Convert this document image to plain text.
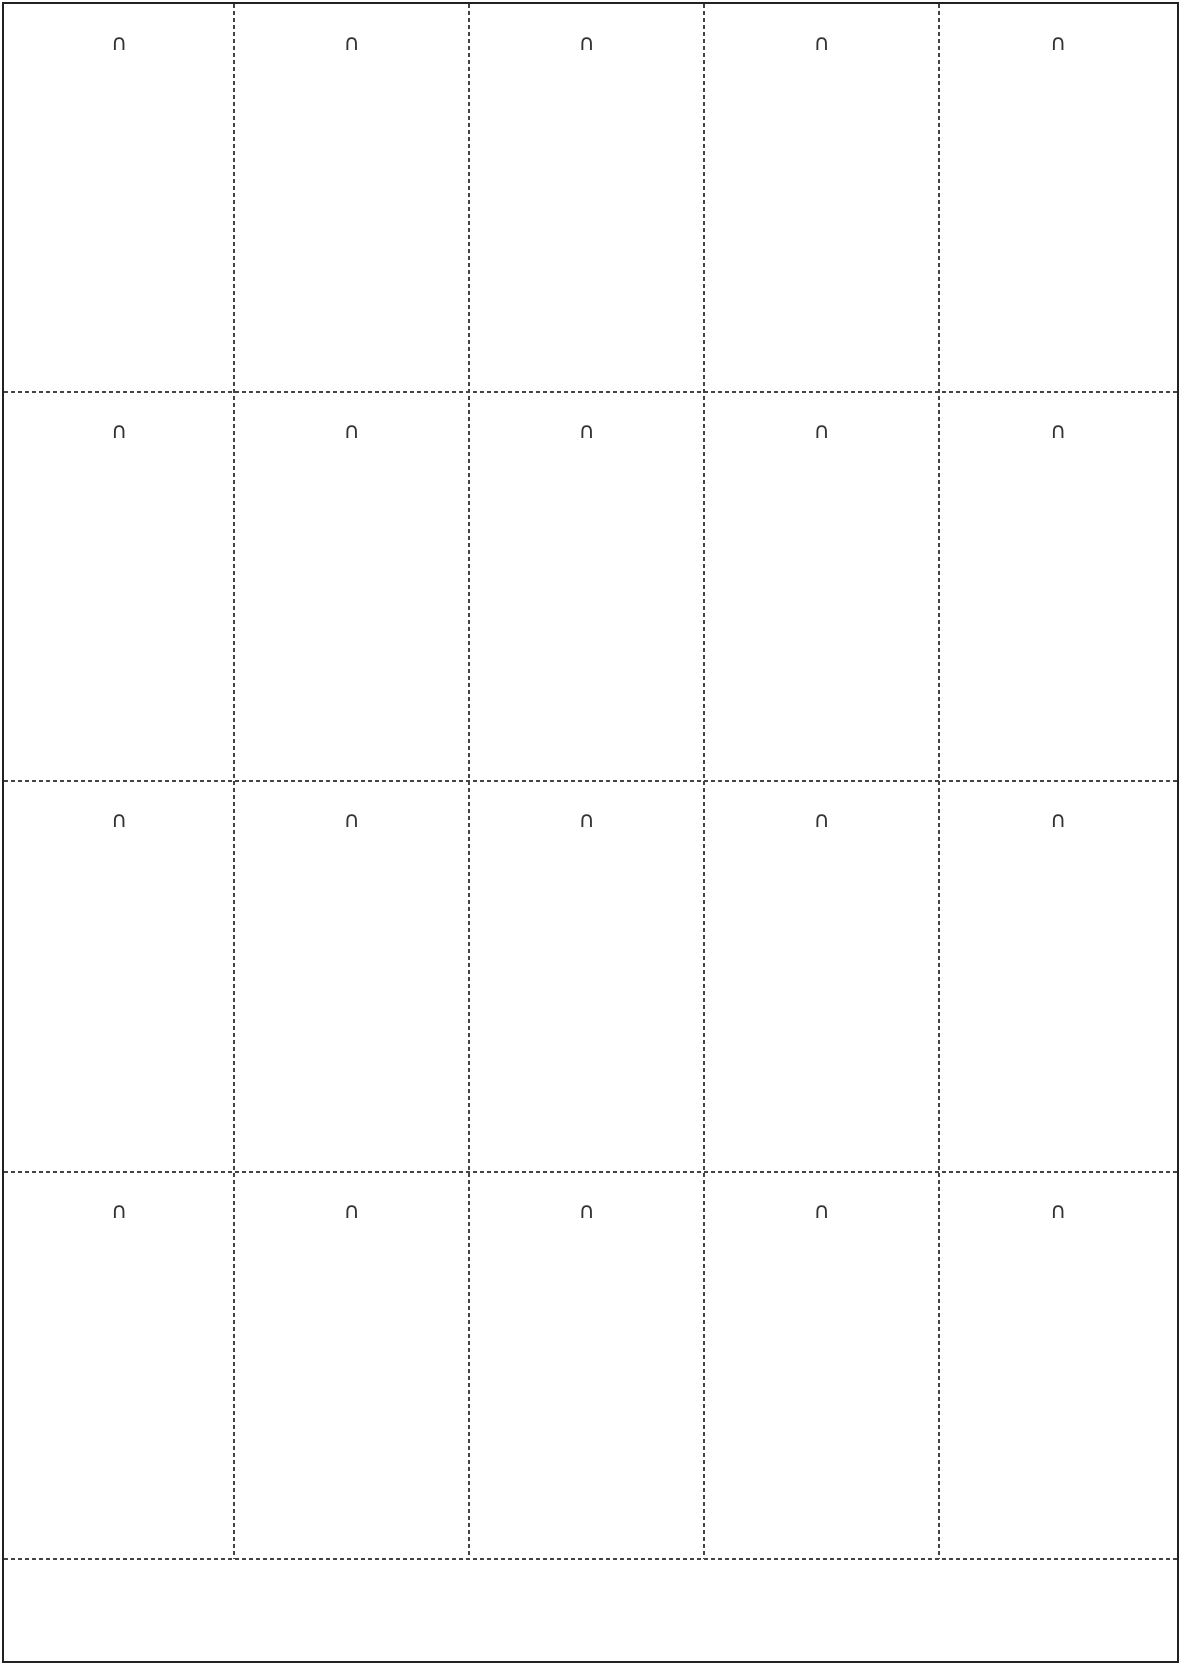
∩	∩	∩	∩	∩
∩	∩	∩	∩	∩
∩	∩	∩	∩	∩
∩	∩	∩	∩	∩
